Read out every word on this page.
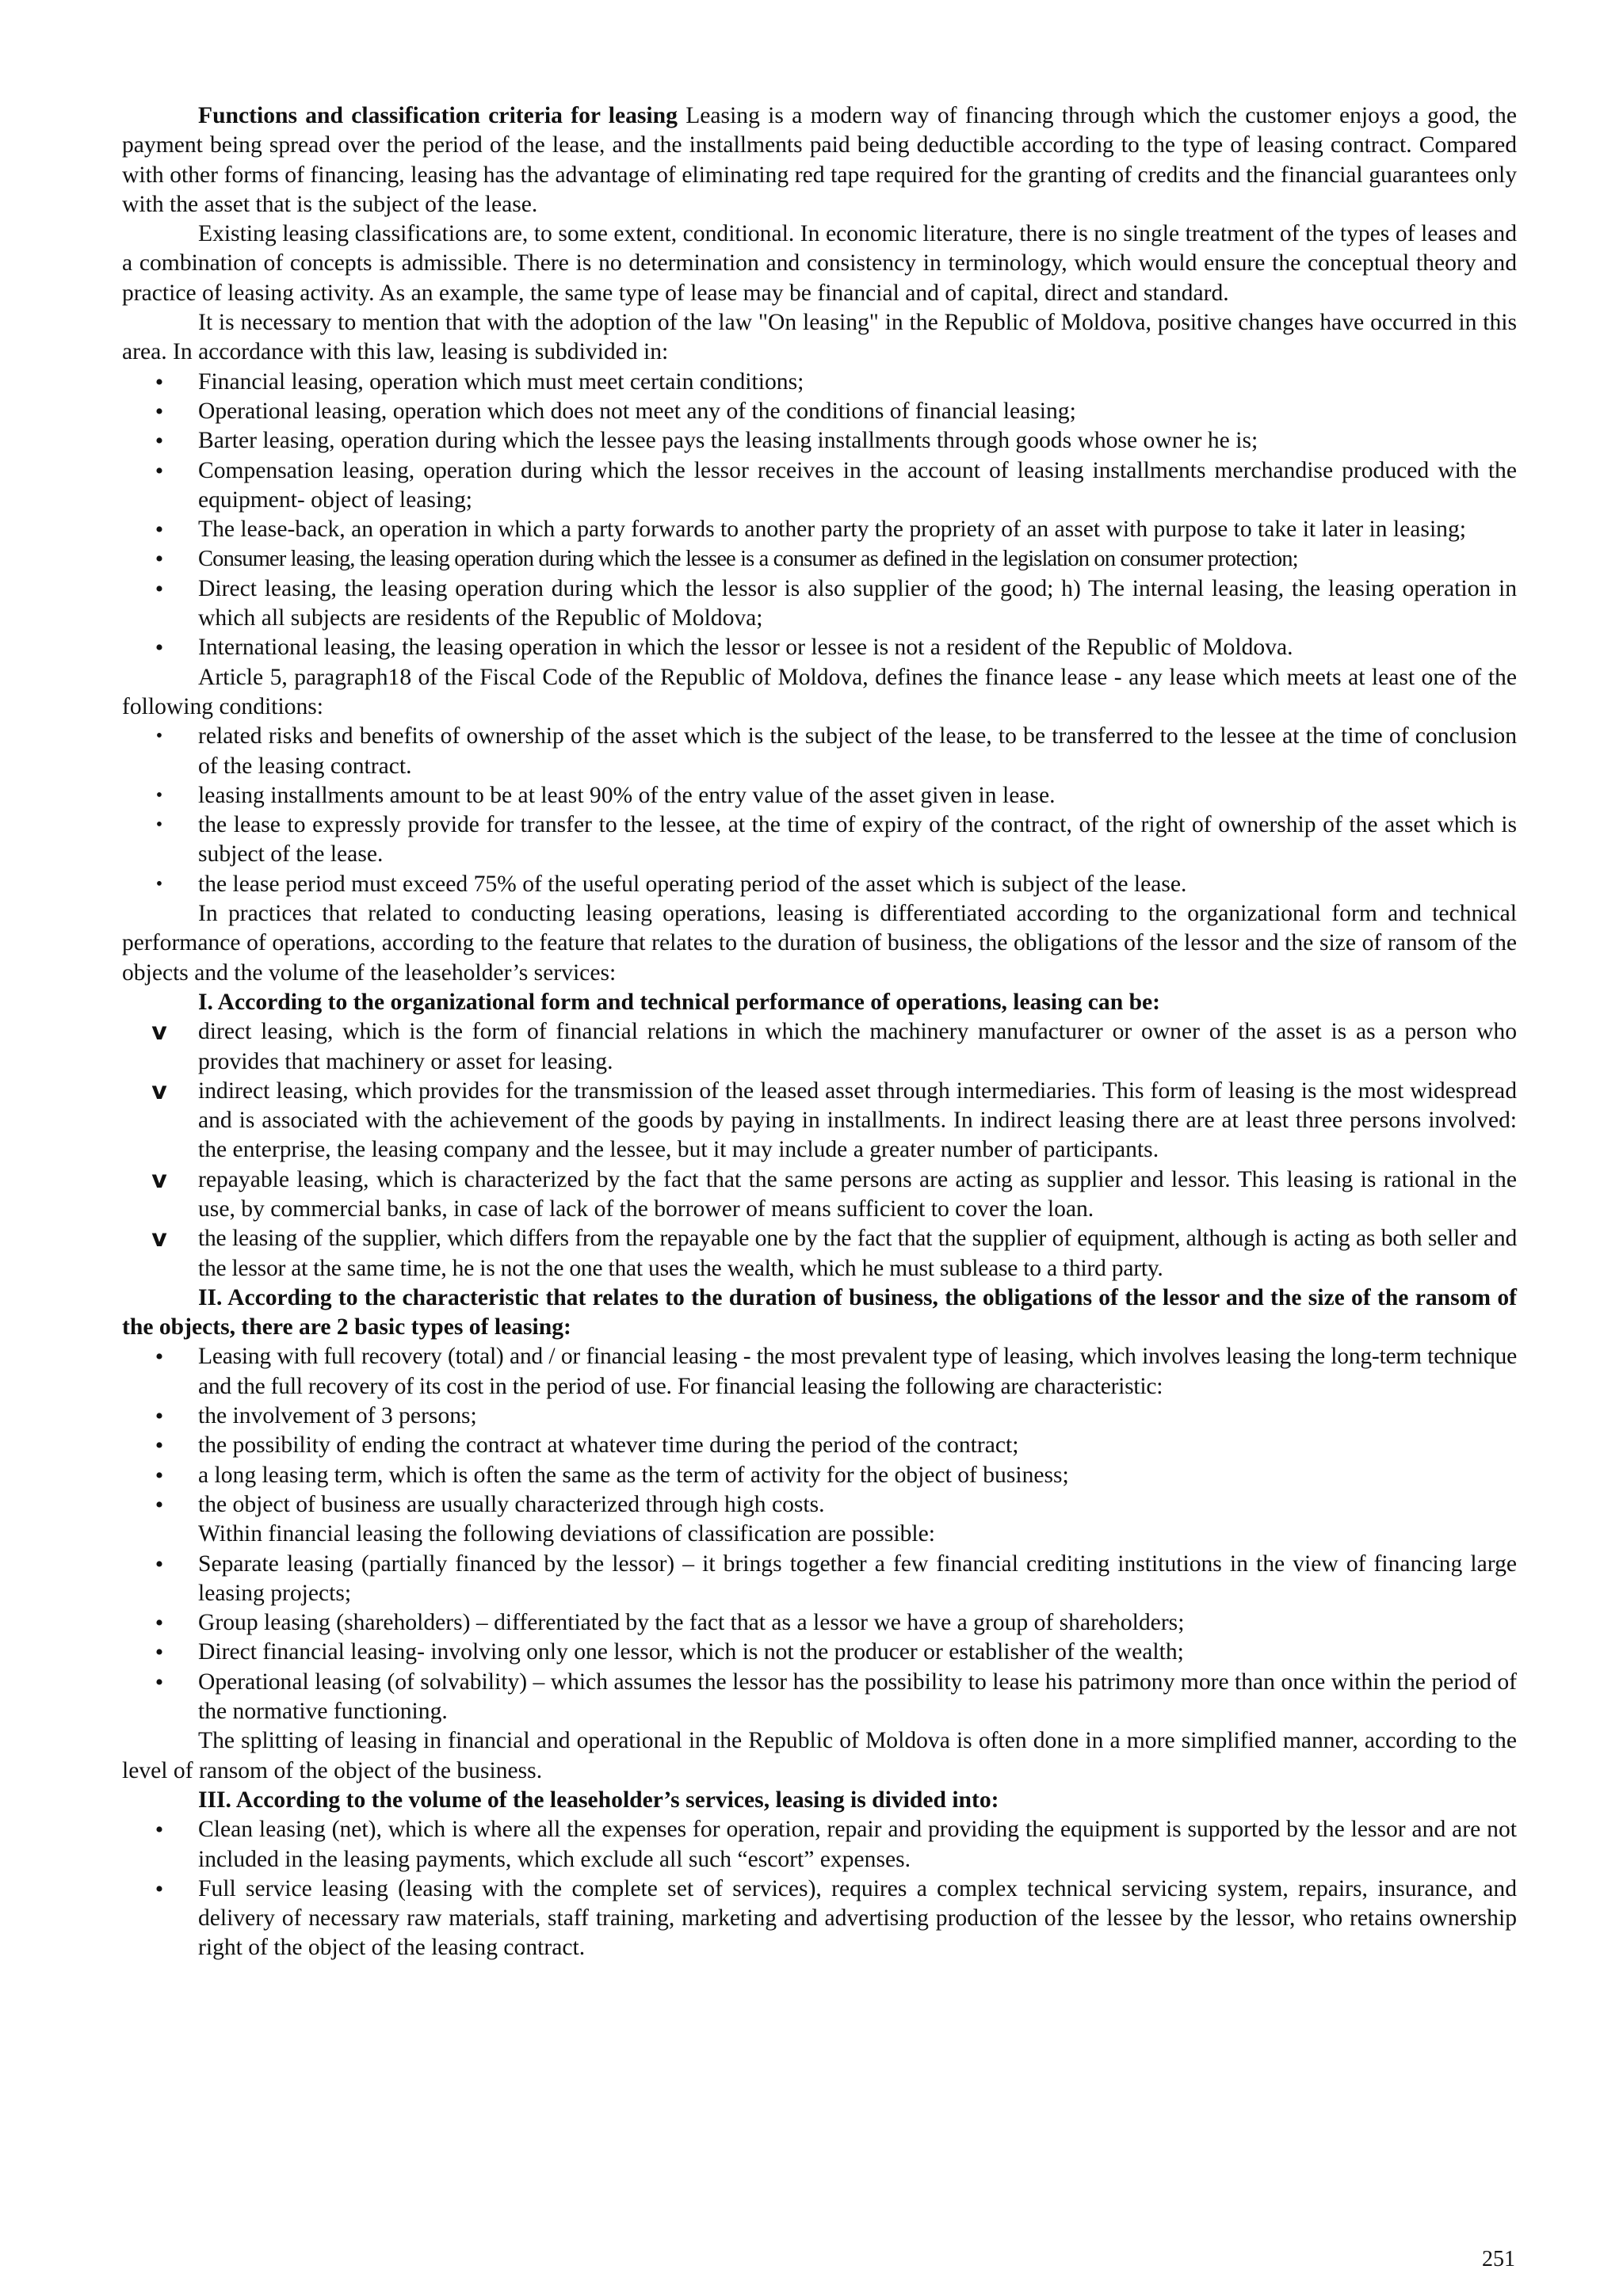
Functions and classification criteria for leasing Leasing is a modern way of financing through which the customer enjoys a good, the payment being spread over the period of the lease, and the installments paid being deductible according to the type of leasing contract. Compared with other forms of financing, leasing has the advantage of eliminating red tape required for the granting of credits and the financial guarantees only with the asset that is the subject of the lease.

Existing leasing classifications are, to some extent, conditional. In economic literature, there is no single treatment of the types of leases and a combination of concepts is admissible. There is no determination and consistency in terminology, which would ensure the conceptual theory and practice of leasing activity. As an example, the same type of lease may be financial and of capital, direct and standard.

It is necessary to mention that with the adoption of the law "On leasing" in the Republic of Moldova, positive changes have occurred in this area. In accordance with this law, leasing is subdivided in:

•	Financial leasing, operation which must meet certain conditions;
•	Operational leasing, operation which does not meet any of the conditions of financial leasing;
•	Barter leasing, operation during which the lessee pays the leasing installments through goods whose owner he is;
•	Compensation leasing, operation during which the lessor receives in the account of leasing installments merchandise produced with the equipment- object of leasing;
•	The lease-back, an operation in which a party forwards to another party the propriety of an asset with purpose to take it later in leasing;
•	Consumer leasing, the leasing operation during which the lessee is a consumer as defined in the legislation on consumer protection;
•	Direct leasing, the leasing operation during which the lessor is also supplier of the good; h) The internal leasing, the leasing operation in which all subjects are residents of the Republic of Moldova;
•	International leasing, the leasing operation in which the lessor or lessee is not a resident of the Republic of Moldova.

Article 5, paragraph18 of the Fiscal Code of the Republic of Moldova, defines the finance lease - any lease which meets at least one of the following conditions:

•	related risks and benefits of ownership of the asset which is the subject of the lease, to be transferred to the lessee at the time of conclusion of the leasing contract.
•	leasing installments amount to be at least 90% of the entry value of the asset given in lease.
•	the lease to expressly provide for transfer to the lessee, at the time of expiry of the contract, of the right of ownership of the asset which is subject of the lease.
•	the lease period must exceed 75% of the useful operating period of the asset which is subject of the lease.

In practices that related to conducting leasing operations, leasing is differentiated according to the organizational form and technical performance of operations, according to the feature that relates to the duration of business, the obligations of the lessor and the size of ransom of the objects and the volume of the leaseholder’s services:

I. According to the organizational form and technical performance of operations, leasing can be:

v direct leasing, which is the form of financial relations in which the machinery manufacturer or owner of the asset is as a person who provides that machinery or asset for leasing.
v indirect leasing, which provides for the transmission of the leased asset through intermediaries. This form of leasing is the most widespread and is associated with the achievement of the goods by paying in installments. In indirect leasing there are at least three persons involved: the enterprise, the leasing company and the lessee, but it may include a greater number of participants.
v repayable leasing, which is characterized by the fact that the same persons are acting as supplier and lessor. This leasing is rational in the use, by commercial banks, in case of lack of the borrower of means sufficient to cover the loan.
v the leasing of the supplier, which differs from the repayable one by the fact that the supplier of equipment, although is acting as both seller and the lessor at the same time, he is not the one that uses the wealth, which he must sublease to a third party.

II. According to the characteristic that relates to the duration of business, the obligations of the lessor and the size of the ransom of the objects, there are 2 basic types of leasing:

•	Leasing with full recovery (total) and / or financial leasing - the most prevalent type of leasing, which involves leasing the long-term technique and the full recovery of its cost in the period of use. For financial leasing the following are characteristic:
•	the involvement of 3 persons;
•	the possibility of ending the contract at whatever time during the period of the contract;
•	a long leasing term, which is often the same as the term of activity for the object of business;
•	the object of business are usually characterized through high costs.

Within financial leasing the following deviations of classification are possible:

•	Separate leasing (partially financed by the lessor) – it brings together a few financial crediting institutions in the view of financing large leasing projects;
•	Group leasing (shareholders) – differentiated by the fact that as a lessor we have a group of shareholders;
•	Direct financial leasing- involving only one lessor, which is not the producer or establisher of the wealth;
•	Operational leasing (of solvability) – which assumes the lessor has the possibility to lease his patrimony more than once within the period of the normative functioning.

The splitting of leasing in financial and operational in the Republic of Moldova is often done in a more simplified manner, according to the level of ransom of the object of the business.

III. According to the volume of the leaseholder’s services, leasing is divided into:

•	Clean leasing (net), which is where all the expenses for operation, repair and providing the equipment is supported by the lessor and are not included in the leasing payments, which exclude all such “escort” expenses.
•	Full service leasing (leasing with the complete set of services), requires a complex technical servicing system, repairs, insurance, and delivery of necessary raw materials, staff training, marketing and advertising production of the lessee by the lessor, who retains ownership right of the object of the leasing contract.
251
